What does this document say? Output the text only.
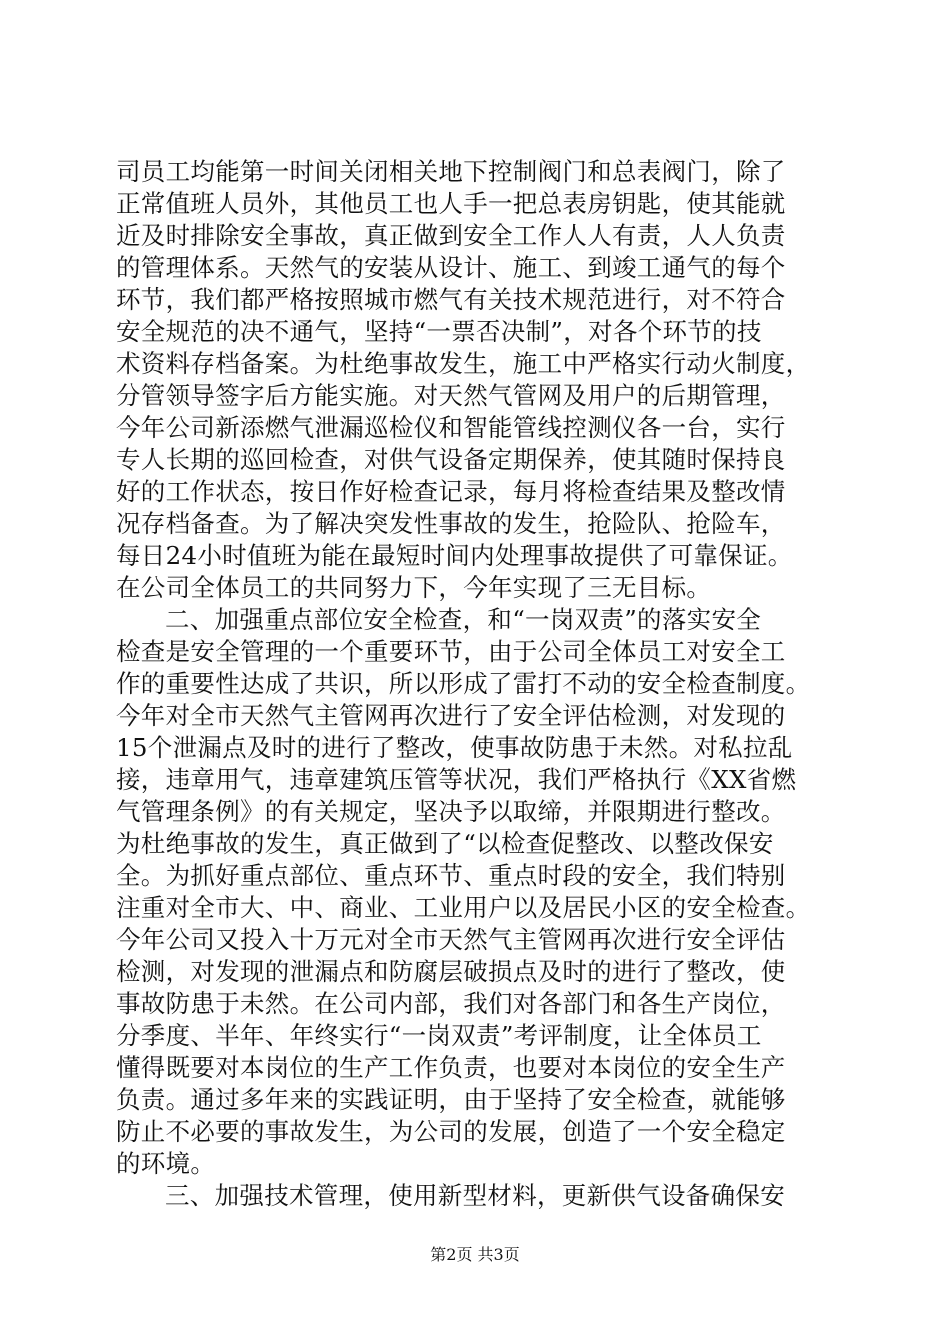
司员工均能第一时间关闭相关地下控制阀门和总表阀门，除了
正常值班人员外，其他员工也人手一把总表房钥匙，使其能就
近及时排除安全事故，真正做到安全工作人人有责，人人负责
的管理体系。天然气的安装从设计、施工、到竣工通气的每个
环节，我们都严格按照城市燃气有关技术规范进行，对不符合
安全规范的决不通气，坚持“一票否决制”，对各个环节的技
术资料存档备案。为杜绝事故发生，施工中严格实行动火制度，
分管领导签字后方能实施。对天然气管网及用户的后期管理，
今年公司新添燃气泄漏巡检仪和智能管线控测仪各一台，实行
专人长期的巡回检查，对供气设备定期保养，使其随时保持良
好的工作状态，按日作好检查记录，每月将检查结果及整改情
况存档备查。为了解决突发性事故的发生，抢险队、抢险车，
每日24小时值班为能在最短时间内处理事故提供了可靠保证。
在公司全体员工的共同努力下，今年实现了三无目标。
二、加强重点部位安全检查，和“一岗双责”的落实安全
检查是安全管理的一个重要环节，由于公司全体员工对安全工
作的重要性达成了共识，所以形成了雷打不动的安全检查制度。
今年对全市天然气主管网再次进行了安全评估检测，对发现的
15个泄漏点及时的进行了整改，使事故防患于未然。对私拉乱
接，违章用气，违章建筑压管等状况，我们严格执行《XX省燃
气管理条例》的有关规定，坚决予以取缔，并限期进行整改。
为杜绝事故的发生，真正做到了“以检查促整改、以整改保安
全。为抓好重点部位、重点环节、重点时段的安全，我们特别
注重对全市大、中、商业、工业用户以及居民小区的安全检查。
今年公司又投入十万元对全市天然气主管网再次进行安全评估
检测，对发现的泄漏点和防腐层破损点及时的进行了整改，使
事故防患于未然。在公司内部，我们对各部门和各生产岗位，
分季度、半年、年终实行“一岗双责”考评制度，让全体员工
懂得既要对本岗位的生产工作负责，也要对本岗位的安全生产
负责。通过多年来的实践证明，由于坚持了安全检查，就能够
防止不必要的事故发生，为公司的发展，创造了一个安全稳定
的环境。
三、加强技术管理，使用新型材料，更新供气设备确保安
第2页 共3页
